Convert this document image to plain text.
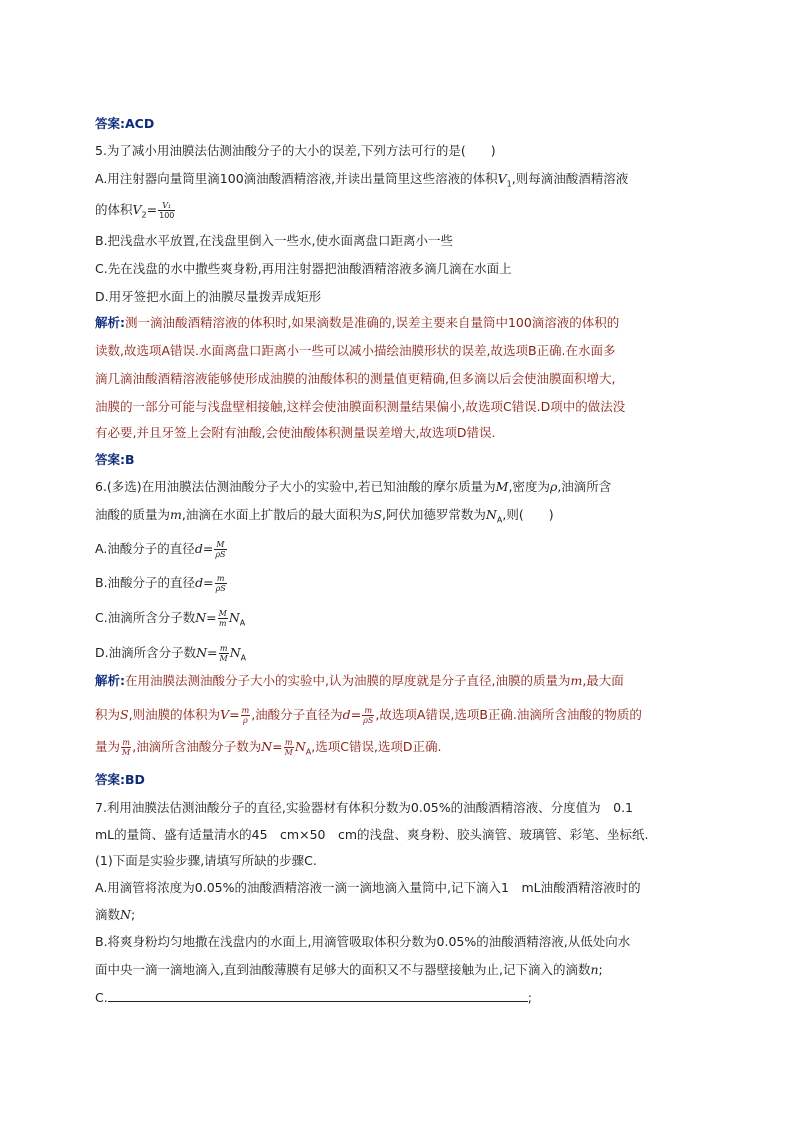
答案:ACD
5.为了减小用油膜法估测油酸分子的大小的误差,下列方法可行的是(　　)
A.用注射器向量筒里滴100滴油酸酒精溶液,并读出量筒里这些溶液的体积$V_1$,则每滴油酸酒精溶液
的体积$V_2= \frac{\text{V₁}}{100}$
B.把浅盘水平放置,在浅盘里倒入一些水,使水面离盘口距离小一些
C.先在浅盘的水中撒些爽身粉,再用注射器把油酸酒精溶液多滴几滴在水面上
D.用牙签把水面上的油膜尽量拨弄成矩形
解析:测一滴油酸酒精溶液的体积时,如果滴数是准确的,误差主要来自量筒中100滴溶液的体积的
读数,故选项A错误.水面离盘口距离小一些可以减小描绘油膜形状的误差,故选项B正确.在水面多
滴几滴油酸酒精溶液能够使形成油膜的油酸体积的测量值更精确,但多滴以后会使油膜面积增大,
油膜的一部分可能与浅盘壁相接触,这样会使油膜面积测量结果偏小,故选项C错误.D项中的做法没
有必要,并且牙签上会附有油酸,会使油酸体积测量误差增大,故选项D错误.
答案:B
6.(多选)在用油膜法估测油酸分子大小的实验中,若已知油酸的摩尔质量为M,密度为ρ,油滴所含
油酸的质量为m,油滴在水面上扩散后的最大面积为S,阿伏加德罗常数为$N_A$,则(　　)
A.油酸分子的直径$d= \frac{M}{\rho S}$
B.油酸分子的直径$d= \frac{m}{\rho S}$
C.油滴所含分子数$N= \frac{M}{m} N_A$
D.油滴所含分子数$N= \frac{m}{M} N_A$
解析:在用油膜法测油酸分子大小的实验中,认为油膜的厚度就是分子直径,油膜的质量为m,最大面
积为S,则油膜的体积为$V= \frac{m}{\rho}$ ,油酸分子直径为$d= \frac{m}{\rho S}$ ,故选项A错误,选项B正确.油滴所含油酸的物质的
量为 $\frac{m}{M}$ ,油滴所含油酸分子数为$N= \frac{m}{M} N_A$,选项C错误,选项D正确.
答案:BD
7.利用油膜法估测油酸分子的直径,实验器材有体积分数为0.05%的油酸酒精溶液、分度值为　0.1
mL的量筒、盛有适量清水的45　cm×50　cm的浅盘、爽身粉、胶头滴管、玻璃管、彩笔、坐标纸.
(1)下面是实验步骤,请填写所缺的步骤C.
A.用滴管将浓度为0.05%的油酸酒精溶液一滴一滴地滴入量筒中,记下滴入1　mL油酸酒精溶液时的
滴数N;
B.将爽身粉均匀地撒在浅盘内的水面上,用滴管吸取体积分数为0.05%的油酸酒精溶液,从低处向水
面中央一滴一滴地滴入,直到油酸薄膜有足够大的面积又不与器壁接触为止,记下滴入的滴数n;
C.	;
